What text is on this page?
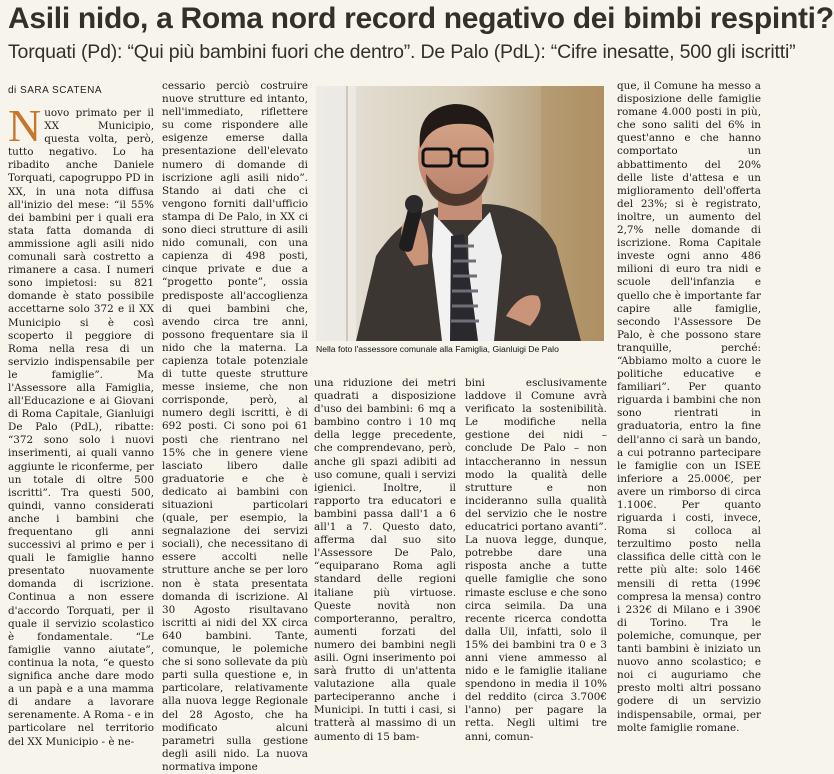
Asili nido, a Roma nord record negativo dei bimbi respinti?
Torquati (Pd): “Qui più bambini fuori che dentro”. De Palo (PdL): “Cifre inesatte, 500 gli iscritti”
di SARA SCATENA
N uovo primato per il XX Municipio, questa volta, però, tutto negativo. Lo ha ribadito anche Daniele Torquati, capogruppo PD in XX, in una nota diffusa all'inizio del mese: “il 55% dei bambini per i quali era stata fatta domanda di ammissione agli asili nido comunali sarà costretto a rimanere a casa. I numeri sono impietosi: su 821 domande è stato possibile accettarne solo 372 e il XX Municipio si è così scoperto il peggiore di Roma nella resa di un servizio indispensabile per le famiglie”. Ma l'Assessore alla Famiglia, all'Educazione e ai Giovani di Roma Capitale, Gianluigi De Palo (PdL), ribatte: “372 sono solo i nuovi inserimenti, ai quali vanno aggiunte le riconferme, per un totale di oltre 500 iscritti”. Tra questi 500, quindi, vanno considerati anche i bambini che frequentano gli anni successivi al primo e per i quali le famiglie hanno presentato nuovamente domanda di iscrizione. Continua a non essere d'accordo Torquati, per il quale il servizio scolastico è fondamentale. “Le famiglie vanno aiutate”, continua la nota, “e questo significa anche dare modo a un papà e a una mamma di andare a lavorare serenamente. A Roma - e in particolare nel territorio del XX Municipio - è ne-
cessario perciò costruire nuove strutture ed intanto, nell'immediato, riflettere su come rispondere alle esigenze emerse dalla presentazione dell'elevato numero di domande di iscrizione agli asili nido”. Stando ai dati che ci vengono forniti dall'ufficio stampa di De Palo, in XX ci sono dieci strutture di asili nido comunali, con una capienza di 498 posti, cinque private e due a “progetto ponte”, ossia predisposte all'accoglienza di quei bambini che, avendo circa tre anni, possono frequentare sia il nido che la materna. La capienza totale potenziale di tutte queste strutture messe insieme, che non corrisponde, però, al numero degli iscritti, è di 692 posti. Ci sono poi 61 posti che rientrano nel 15% che in genere viene lasciato libero dalle graduatorie e che è dedicato ai bambini con situazioni particolari (quale, per esempio, la segnalazione dei servizi sociali), che necessitano di essere accolti nelle strutture anche se per loro non è stata presentata domanda di iscrizione. Al 30 Agosto risultavano iscritti ai nidi del XX circa 640 bambini. Tante, comunque, le polemiche che si sono sollevate da più parti sulla questione e, in particolare, relativamente alla nuova legge Regionale del 28 Agosto, che ha modificato alcuni parametri sulla gestione degli asili nido. La nuova normativa impone
Nella foto l'assessore comunale alla Famiglia, Gianluigi De Palo
una riduzione dei metri quadrati a disposizione d'uso dei bambini: 6 mq a bambino contro i 10 mq della legge precedente, che comprendevano, però, anche gli spazi adibiti ad uso comune, quali i servizi igienici. Inoltre, il rapporto tra educatori e bambini passa dall'1 a 6 all'1 a 7. Questo dato, afferma dal suo sito l'Assessore De Palo, “equiparano Roma agli standard delle regioni italiane più virtuose. Queste novità non comporteranno, peraltro, aumenti forzati del numero dei bambini negli asili. Ogni inserimento poi sarà frutto di un'attenta valutazione alla quale parteciperanno anche i Municipi. In tutti i casi, si tratterà al massimo di un aumento di 15 bam-
bini esclusivamente laddove il Comune avrà verificato la sostenibilità. Le modifiche nella gestione dei nidi – conclude De Palo – non intaccheranno in nessun modo la qualità delle strutture e non incideranno sulla qualità del servizio che le nostre educatrici portano avanti”. La nuova legge, dunque, potrebbe dare una risposta anche a tutte quelle famiglie che sono rimaste escluse e che sono circa seimila. Da una recente ricerca condotta dalla Uil, infatti, solo il 15% dei bambini tra 0 e 3 anni viene ammesso al nido e le famiglie italiane spendono in media il 10% del reddito (circa 3.700€ l'anno) per pagare la retta. Negli ultimi tre anni, comun-
que, il Comune ha messo a disposizione delle famiglie romane 4.000 posti in più, che sono saliti del 6% in quest'anno e che hanno comportato un abbattimento del 20% delle liste d'attesa e un miglioramento dell'offerta del 23%; si è registrato, inoltre, un aumento del 2,7% nelle domande di iscrizione. Roma Capitale investe ogni anno 486 milioni di euro tra nidi e scuole dell'infanzia e quello che è importante far capire alle famiglie, secondo l'Assessore De Palo, è che possono stare tranquille, perché: “Abbiamo molto a cuore le politiche educative e familiari”. Per quanto riguarda i bambini che non sono rientrati in graduatoria, entro la fine dell'anno ci sarà un bando, a cui potranno partecipare le famiglie con un ISEE inferiore a 25.000€, per avere un rimborso di circa 1.100€. Per quanto riguarda i costi, invece, Roma si colloca al terzultimo posto nella classifica delle città con le rette più alte: solo 146€ mensili di retta (199€ compresa la mensa) contro i 232€ di Milano e i 390€ di Torino. Tra le polemiche, comunque, per tanti bambini è iniziato un nuovo anno scolastico; e noi ci auguriamo che presto molti altri possano godere di un servizio indispensabile, ormai, per molte famiglie romane.
